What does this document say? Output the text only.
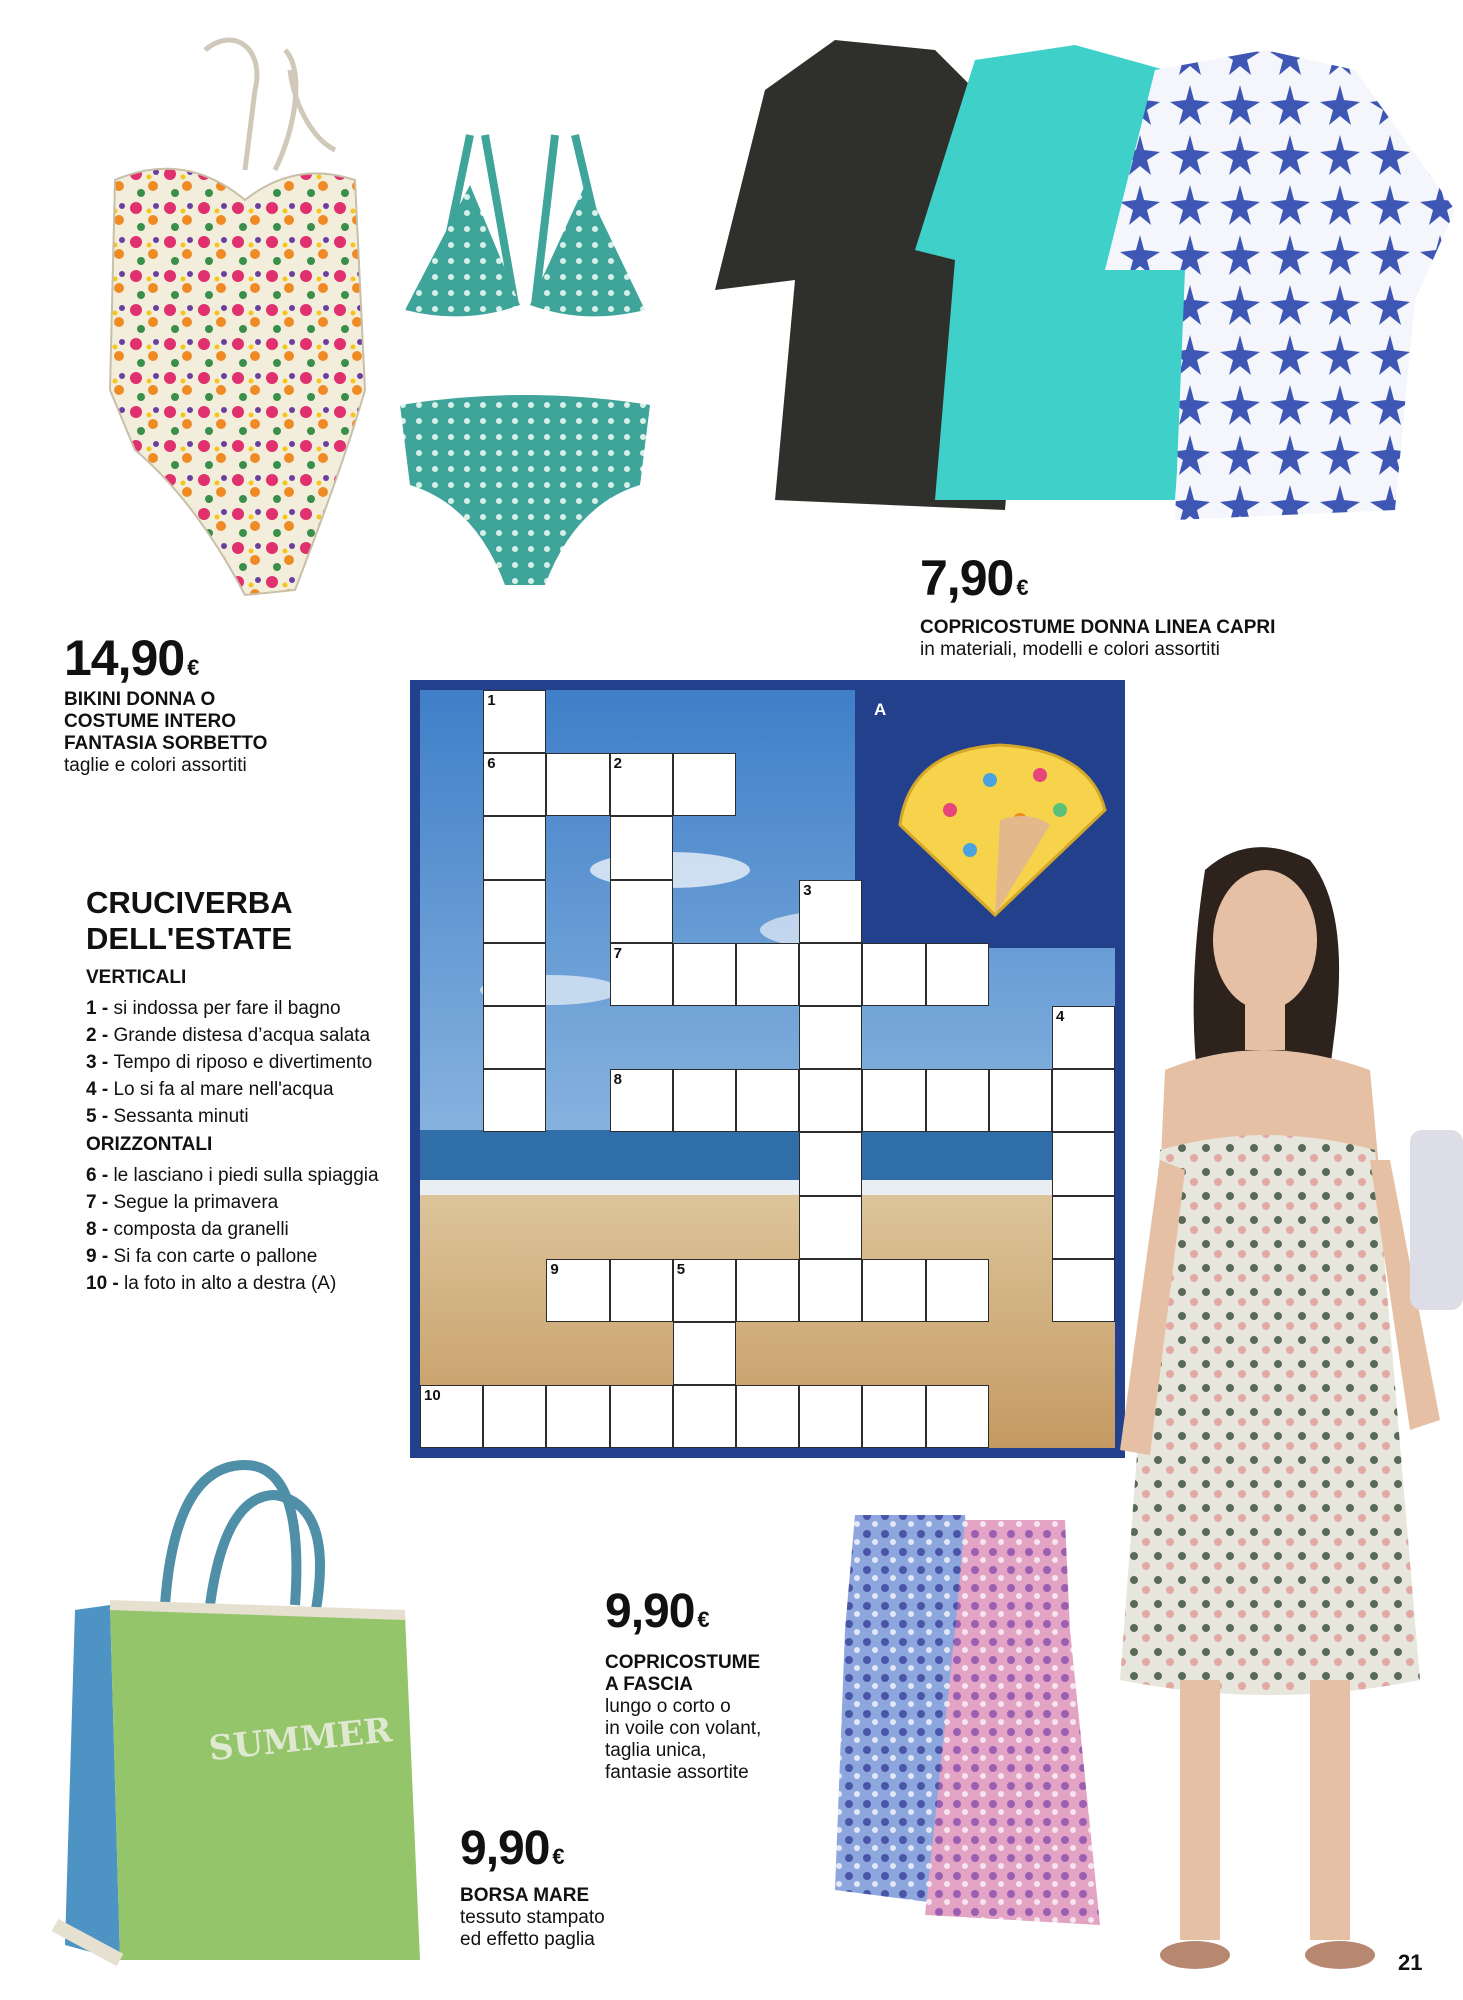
14,90 €
BIKINI DONNA O
COSTUME INTERO
FANTASIA SORBETTO
taglie e colori assortiti
7,90 €
COPRICOSTUME DONNA LINEA CAPRI
in materiali, modelli e colori assortiti
CRUCIVERBA
DELL'ESTATE
VERTICALI
1 - si indossa per fare il bagno
2 - Grande distesa d’acqua salata
3 - Tempo di riposo e divertimento
4 - Lo si fa al mare nell'acqua
5 - Sessanta minuti
ORIZZONTALI
6 - le lasciano i piedi sulla spiaggia
7 - Segue la primavera
8 - composta da granelli
9 - Si fa con carte o pallone
10 - la foto in alto a destra (A)
A
1
6	2
3
7
4
8
9	5
10
9,90 €
COPRICOSTUME
A FASCIA
lungo o corto o
in voile con volant,
taglia unica,
fantasie assortite
SUMMER
9,90 €
BORSA MARE
tessuto stampato
ed effetto paglia
21
